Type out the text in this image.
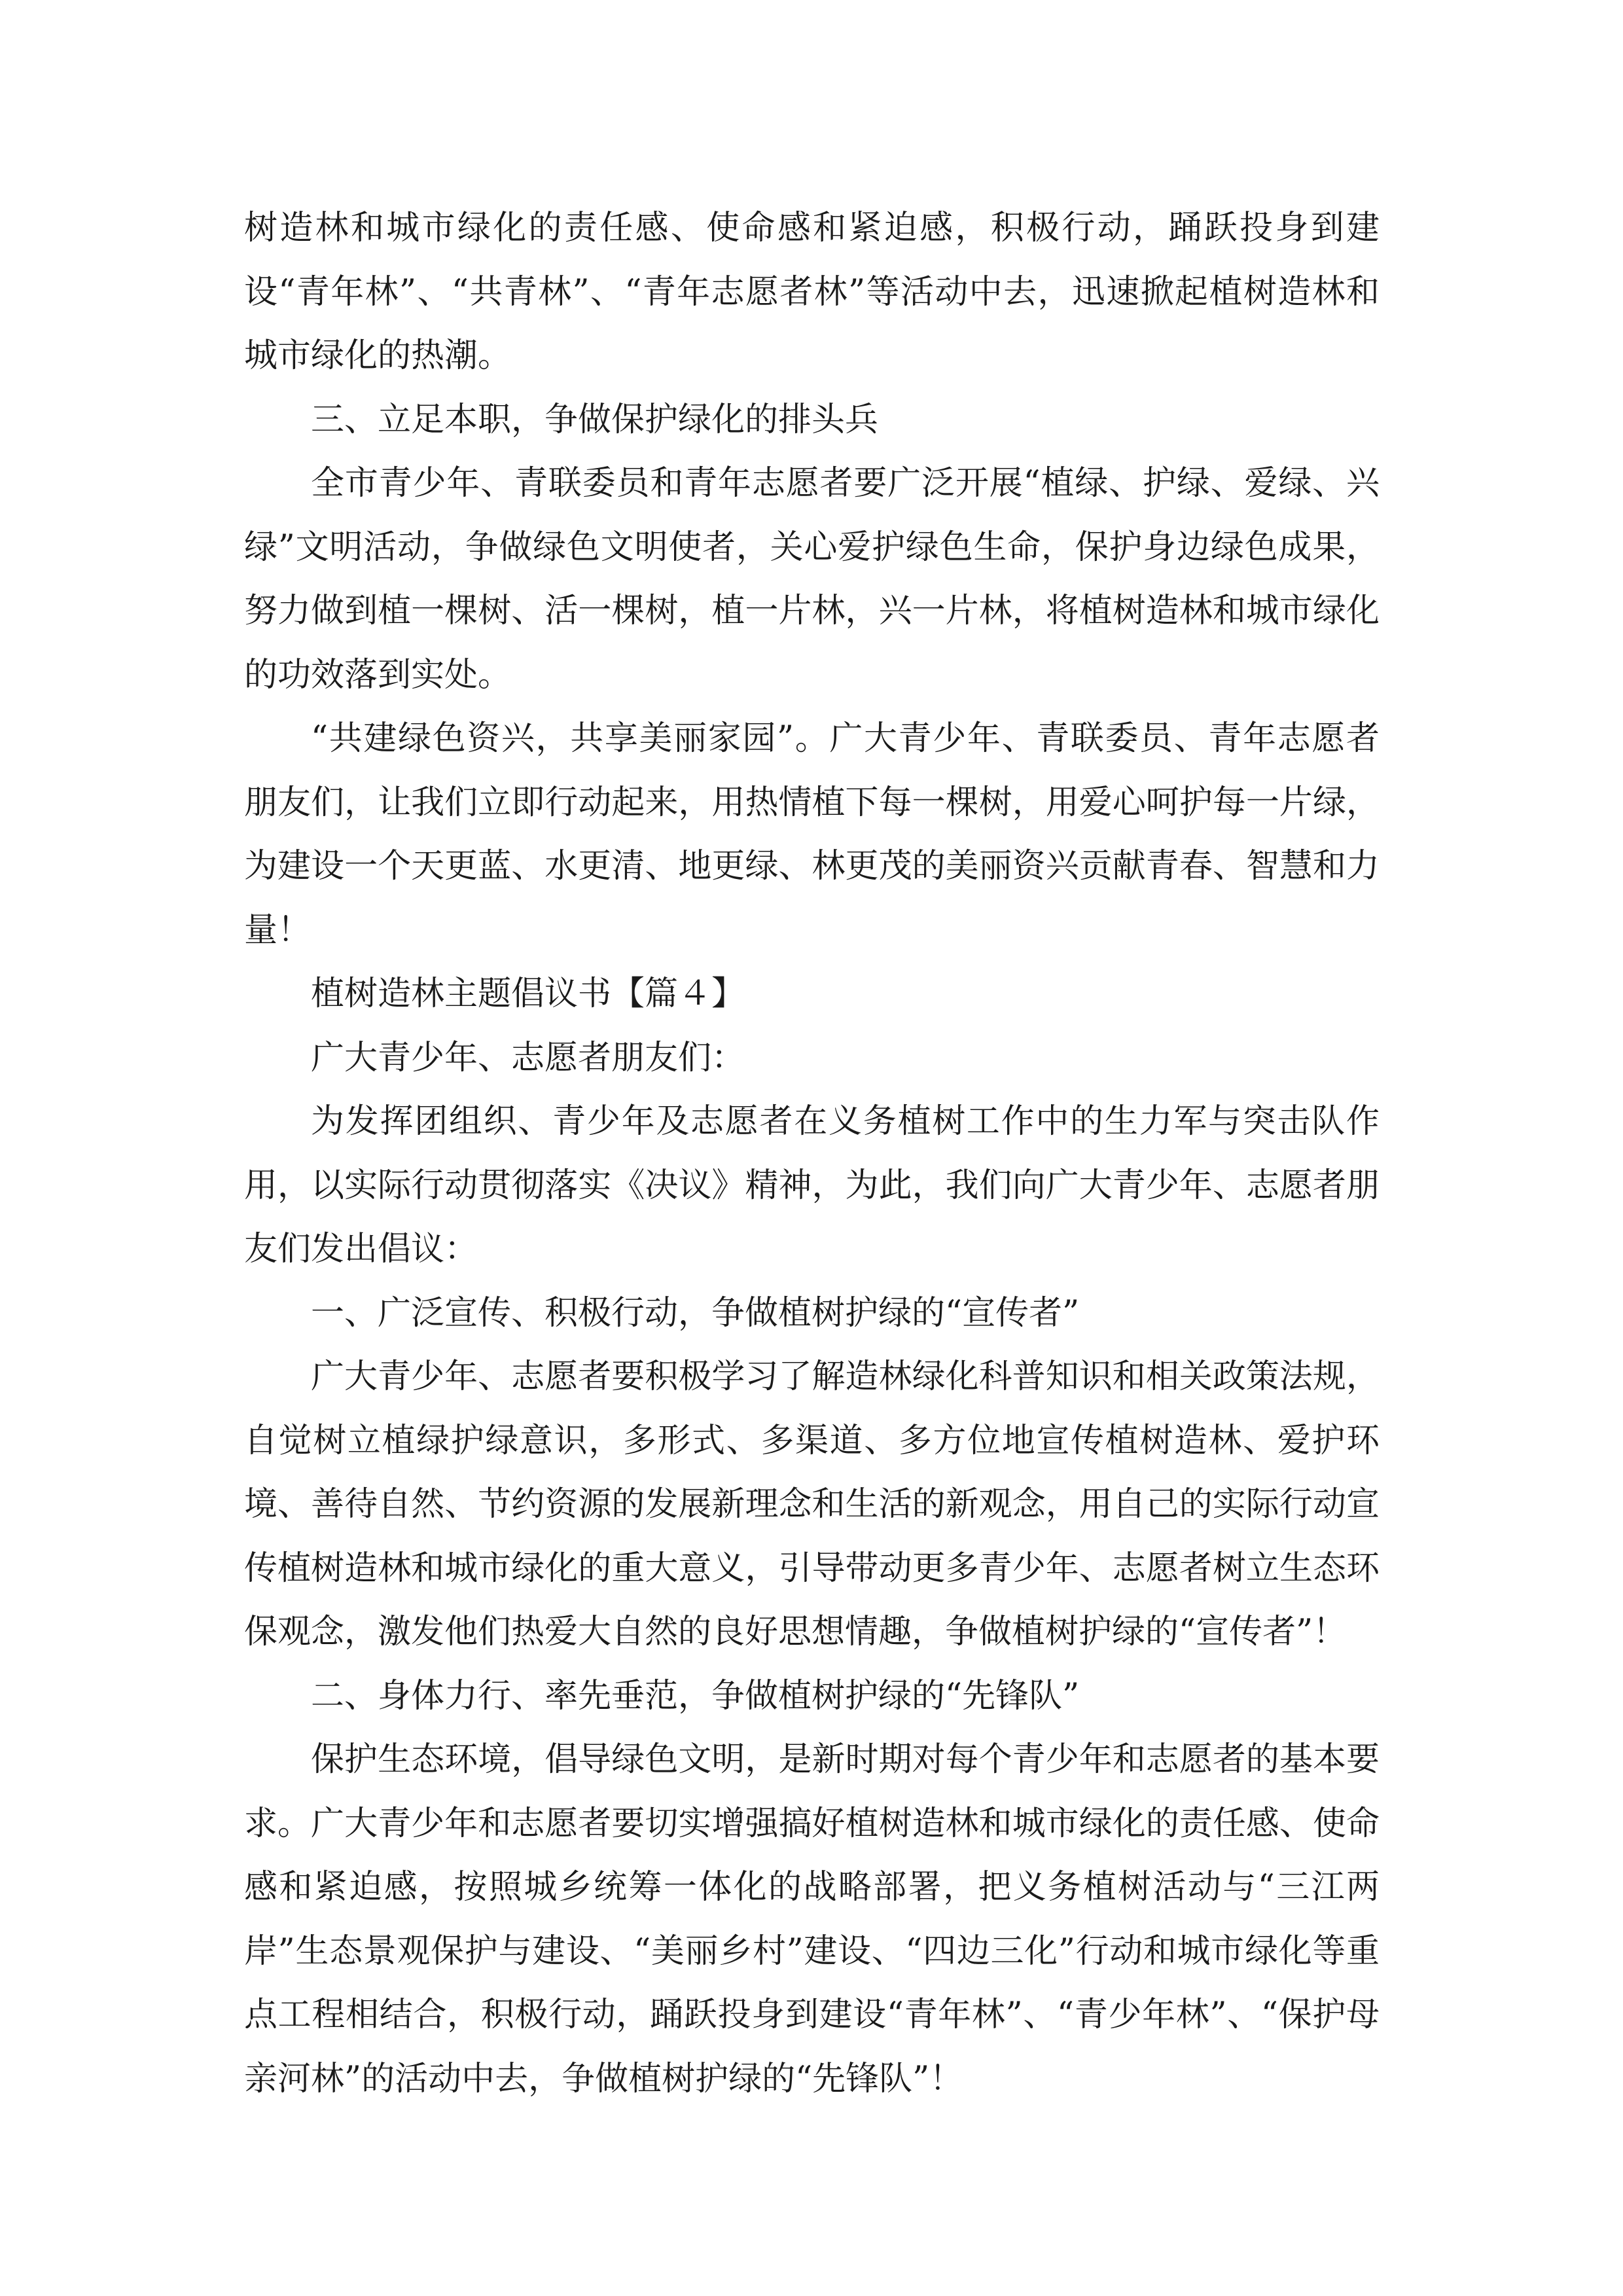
树造林和城市绿化的责任感、使命感和紧迫感，积极行动，踊跃投身到建设“青年林”、“共青林”、“青年志愿者林”等活动中去，迅速掀起植树造林和城市绿化的热潮。

三、立足本职，争做保护绿化的排头兵

全市青少年、青联委员和青年志愿者要广泛开展“植绿、护绿、爱绿、兴绿”文明活动，争做绿色文明使者，关心爱护绿色生命，保护身边绿色成果，努力做到植一棵树、活一棵树，植一片林，兴一片林，将植树造林和城市绿化的功效落到实处。

“共建绿色资兴，共享美丽家园”。广大青少年、青联委员、青年志愿者朋友们，让我们立即行动起来，用热情植下每一棵树，用爱心呵护每一片绿，为建设一个天更蓝、水更清、地更绿、林更茂的美丽资兴贡献青春、智慧和力量！

植树造林主题倡议书【篇４】

广大青少年、志愿者朋友们：

为发挥团组织、青少年及志愿者在义务植树工作中的生力军与突击队作用，以实际行动贯彻落实《决议》精神，为此，我们向广大青少年、志愿者朋友们发出倡议：

一、广泛宣传、积极行动，争做植树护绿的“宣传者”

广大青少年、志愿者要积极学习了解造林绿化科普知识和相关政策法规，自觉树立植绿护绿意识，多形式、多渠道、多方位地宣传植树造林、爱护环境、善待自然、节约资源的发展新理念和生活的新观念，用自己的实际行动宣传植树造林和城市绿化的重大意义，引导带动更多青少年、志愿者树立生态环保观念，激发他们热爱大自然的良好思想情趣，争做植树护绿的“宣传者”！

二、身体力行、率先垂范，争做植树护绿的“先锋队”

保护生态环境，倡导绿色文明，是新时期对每个青少年和志愿者的基本要求。广大青少年和志愿者要切实增强搞好植树造林和城市绿化的责任感、使命感和紧迫感，按照城乡统筹一体化的战略部署，把义务植树活动与“三江两岸”生态景观保护与建设、“美丽乡村”建设、“四边三化”行动和城市绿化等重点工程相结合，积极行动，踊跃投身到建设“青年林”、“青少年林”、“保护母亲河林”的活动中去，争做植树护绿的“先锋队”！
